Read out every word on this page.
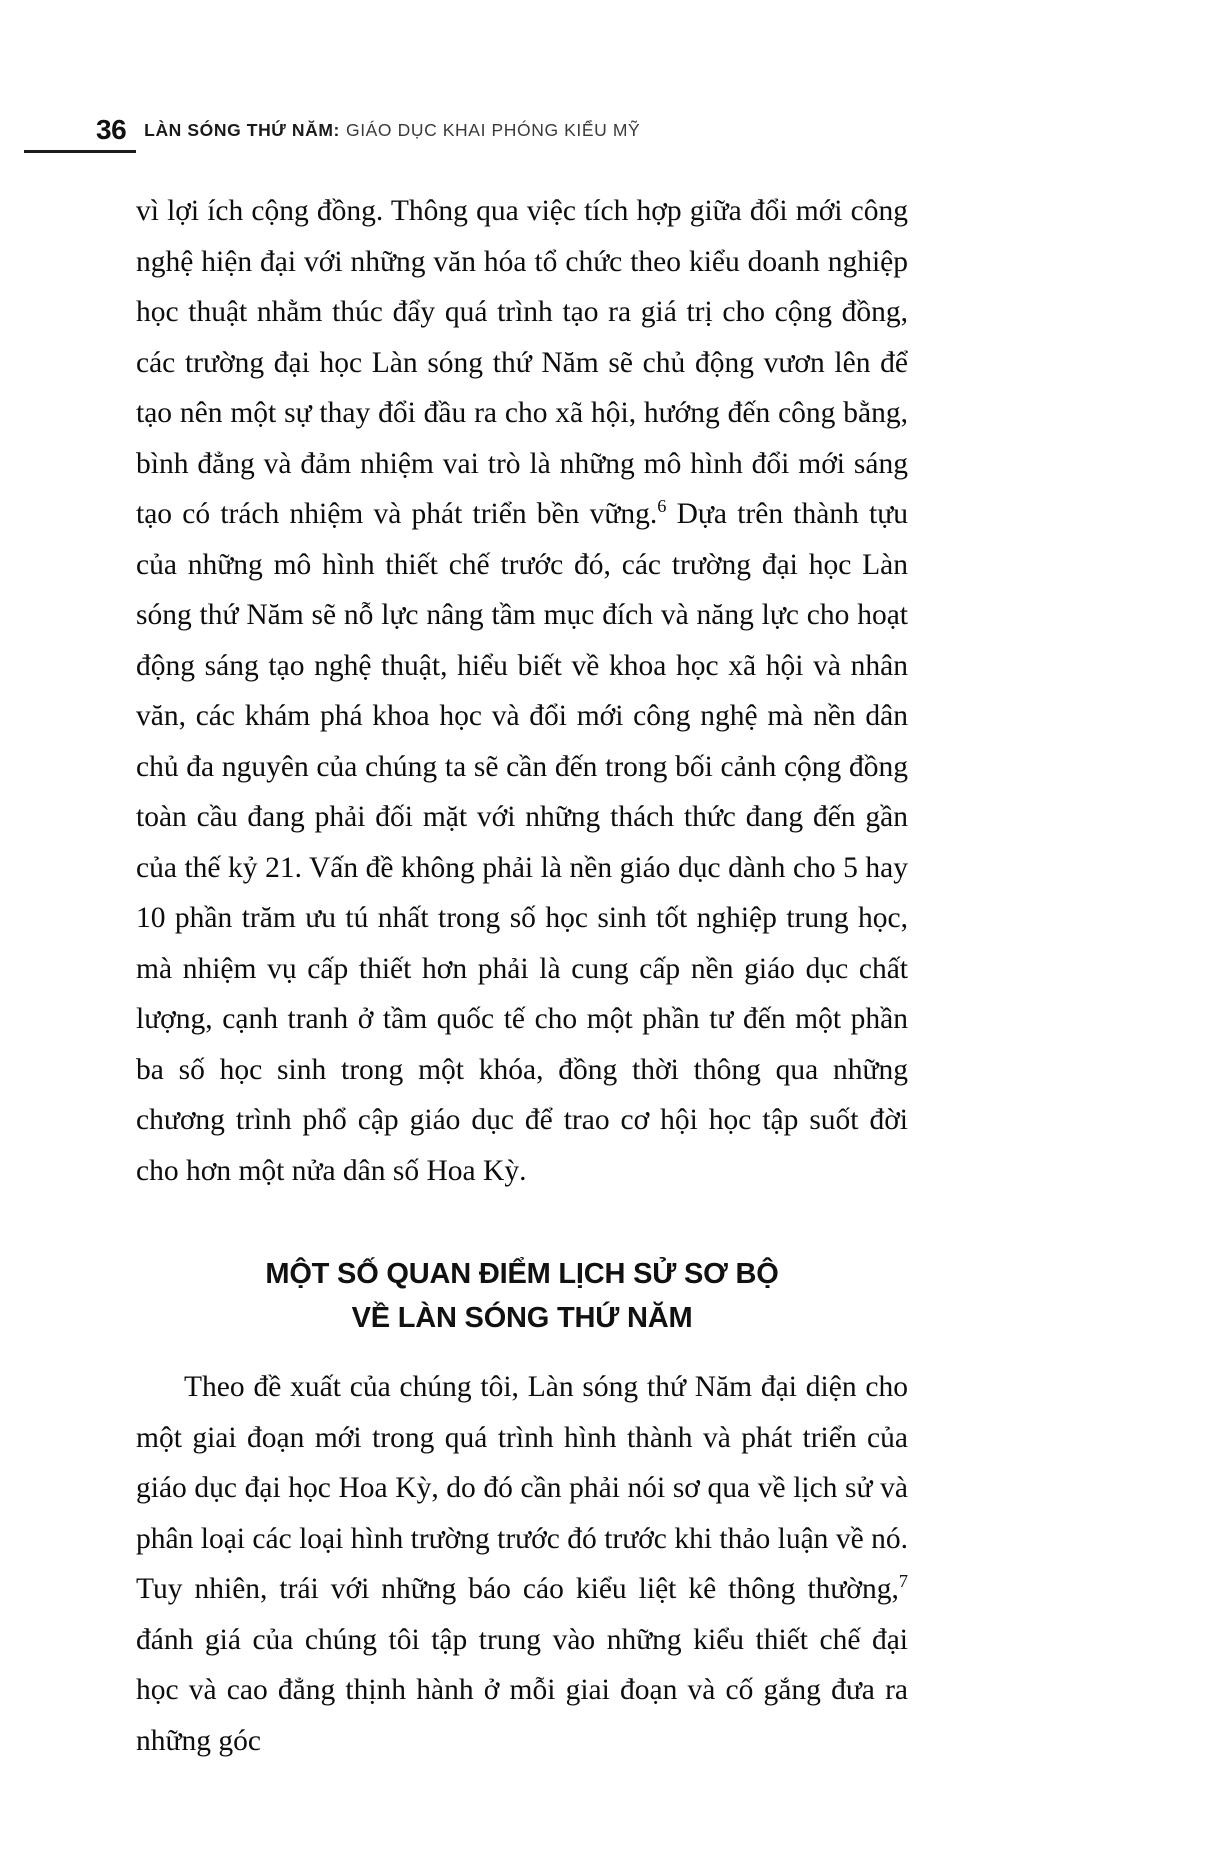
36 LÀN SÓNG THỨ NĂM: GIÁO DỤC KHAI PHÓNG KIỂU MỸ

vì lợi ích cộng đồng. Thông qua việc tích hợp giữa đổi mới công nghệ hiện đại với những văn hóa tổ chức theo kiểu doanh nghiệp học thuật nhằm thúc đẩy quá trình tạo ra giá trị cho cộng đồng, các trường đại học Làn sóng thứ Năm sẽ chủ động vươn lên để tạo nên một sự thay đổi đầu ra cho xã hội, hướng đến công bằng, bình đẳng và đảm nhiệm vai trò là những mô hình đổi mới sáng tạo có trách nhiệm và phát triển bền vững.$^6$ Dựa trên thành tựu của những mô hình thiết chế trước đó, các trường đại học Làn sóng thứ Năm sẽ nỗ lực nâng tầm mục đích và năng lực cho hoạt động sáng tạo nghệ thuật, hiểu biết về khoa học xã hội và nhân văn, các khám phá khoa học và đổi mới công nghệ mà nền dân chủ đa nguyên của chúng ta sẽ cần đến trong bối cảnh cộng đồng toàn cầu đang phải đối mặt với những thách thức đang đến gần của thế kỷ 21. Vấn đề không phải là nền giáo dục dành cho 5 hay 10 phần trăm ưu tú nhất trong số học sinh tốt nghiệp trung học, mà nhiệm vụ cấp thiết hơn phải là cung cấp nền giáo dục chất lượng, cạnh tranh ở tầm quốc tế cho một phần tư đến một phần ba số học sinh trong một khóa, đồng thời thông qua những chương trình phổ cập giáo dục để trao cơ hội học tập suốt đời cho hơn một nửa dân số Hoa Kỳ.

MỘT SỐ QUAN ĐIỂM LỊCH SỬ SƠ BỘ
VỀ LÀN SÓNG THỨ NĂM

Theo đề xuất của chúng tôi, Làn sóng thứ Năm đại diện cho một giai đoạn mới trong quá trình hình thành và phát triển của giáo dục đại học Hoa Kỳ, do đó cần phải nói sơ qua về lịch sử và phân loại các loại hình trường trước đó trước khi thảo luận về nó. Tuy nhiên, trái với những báo cáo kiểu liệt kê thông thường,$^7$ đánh giá của chúng tôi tập trung vào những kiểu thiết chế đại học và cao đẳng thịnh hành ở mỗi giai đoạn và cố gắng đưa ra những góc
